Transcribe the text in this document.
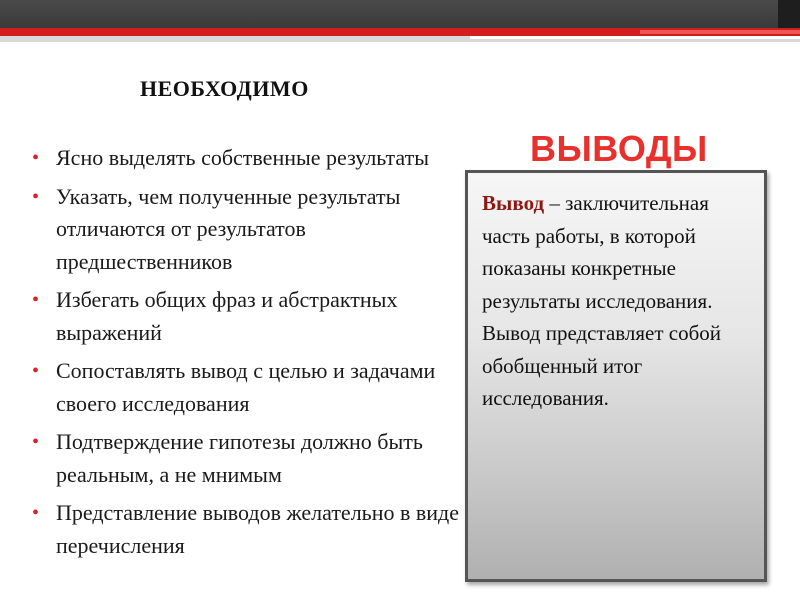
НЕОБХОДИМО
• Ясно выделять собственные результаты
• Указать, чем полученные результаты отличаются от результатов предшественников
• Избегать общих фраз и абстрактных выражений
• Сопоставлять вывод с целью и задачами своего исследования
• Подтверждение гипотезы должно быть реальным, а не мнимым
• Представление выводов желательно в виде перечисления
ВЫВОДЫ
Вывод – заключительная часть работы, в которой показаны конкретные результаты исследования.
Вывод представляет собой обобщенный итог исследования.
